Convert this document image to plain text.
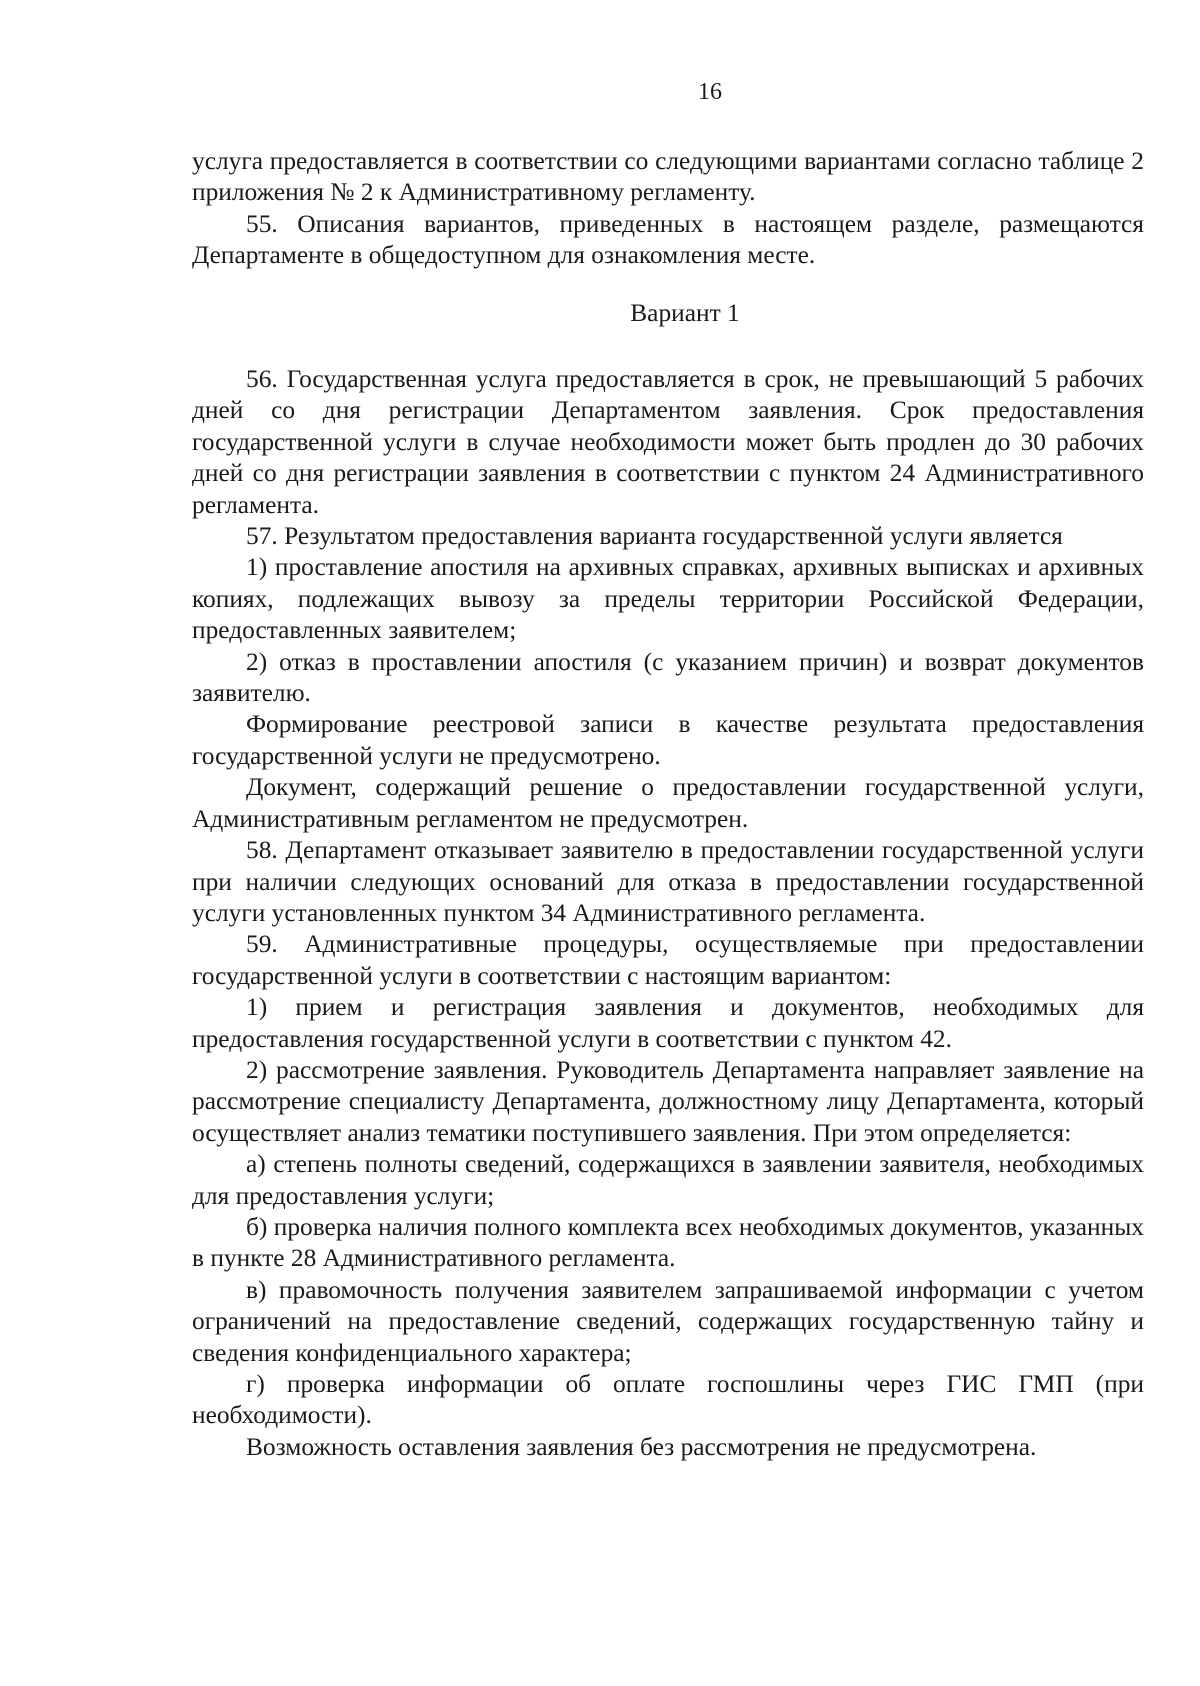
16

услуга предоставляется в соответствии со следующими вариантами согласно таблице 2 приложения № 2 к Административному регламенту.

55. Описания вариантов, приведенных в настоящем разделе, размещаются Департаменте в общедоступном для ознакомления месте.

Вариант 1

56. Государственная услуга предоставляется в срок, не превышающий 5 рабочих дней со дня регистрации Департаментом заявления. Срок предоставления государственной услуги в случае необходимости может быть продлен до 30 рабочих дней со дня регистрации заявления в соответствии с пунктом 24 Административного регламента.

57. Результатом предоставления варианта государственной услуги является

1) проставление апостиля на архивных справках, архивных выписках и архивных копиях, подлежащих вывозу за пределы территории Российской Федерации, предоставленных заявителем;

2) отказ в проставлении апостиля (с указанием причин) и возврат документов заявителю.

Формирование реестровой записи в качестве результата предоставления государственной услуги не предусмотрено.

Документ, содержащий решение о предоставлении государственной услуги, Административным регламентом не предусмотрен.

58. Департамент отказывает заявителю в предоставлении государственной услуги при наличии следующих оснований для отказа в предоставлении государственной услуги установленных пунктом 34 Административного регламента.

59. Административные процедуры, осуществляемые при предоставлении государственной услуги в соответствии с настоящим вариантом:

1) прием и регистрация заявления и документов, необходимых для предоставления государственной услуги в соответствии с пунктом 42.

2) рассмотрение заявления. Руководитель Департамента направляет заявление на рассмотрение специалисту Департамента, должностному лицу Департамента, который осуществляет анализ тематики поступившего заявления. При этом определяется:

а) степень полноты сведений, содержащихся в заявлении заявителя, необходимых для предоставления услуги;

б) проверка наличия полного комплекта всех необходимых документов, указанных в пункте 28 Административного регламента.

в) правомочность получения заявителем запрашиваемой информации с учетом ограничений на предоставление сведений, содержащих государственную тайну и сведения конфиденциального характера;

г) проверка информации об оплате госпошлины через ГИС ГМП (при необходимости).

Возможность оставления заявления без рассмотрения не предусмотрена.
